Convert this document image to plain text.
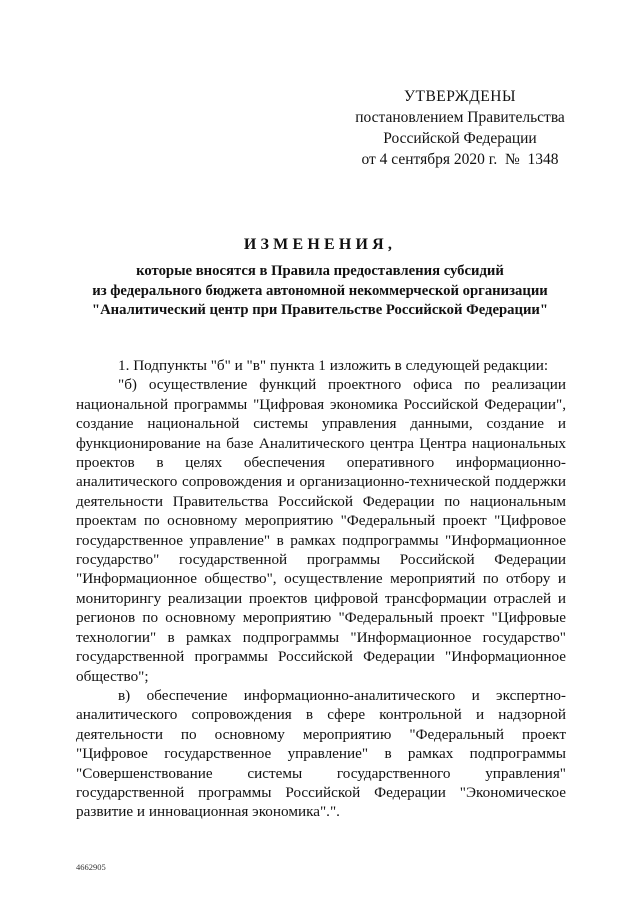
УТВЕРЖДЕНЫ
постановлением Правительства
Российской Федерации
от 4 сентября 2020 г.  №  1348
ИЗМЕНЕНИЯ,
которые вносятся в Правила предоставления субсидий
из федерального бюджета автономной некоммерческой организации
"Аналитический центр при Правительстве Российской Федерации"

1. Подпункты "б" и "в" пункта 1 изложить в следующей редакции:

"б) осуществление функций проектного офиса по реализации национальной программы "Цифровая экономика Российской Федерации", создание национальной системы управления данными, создание и функционирование на базе Аналитического центра Центра национальных проектов в целях обеспечения оперативного информационно-аналитического сопровождения и организационно-технической поддержки деятельности Правительства Российской Федерации по национальным проектам по основному мероприятию "Федеральный проект "Цифровое государственное управление" в рамках подпрограммы "Информационное государство" государственной программы Российской Федерации "Информационное общество", осуществление мероприятий по отбору и мониторингу реализации проектов цифровой трансформации отраслей и регионов по основному мероприятию "Федеральный проект "Цифровые технологии" в рамках подпрограммы "Информационное государство" государственной программы Российской Федерации "Информационное общество";

в) обеспечение информационно-аналитического и экспертно-аналитического сопровождения в сфере контрольной и надзорной деятельности по основному мероприятию "Федеральный проект "Цифровое государственное управление" в рамках подпрограммы "Совершенствование системы государственного управления" государственной программы Российской Федерации "Экономическое развитие и инновационная экономика".".

4662905
